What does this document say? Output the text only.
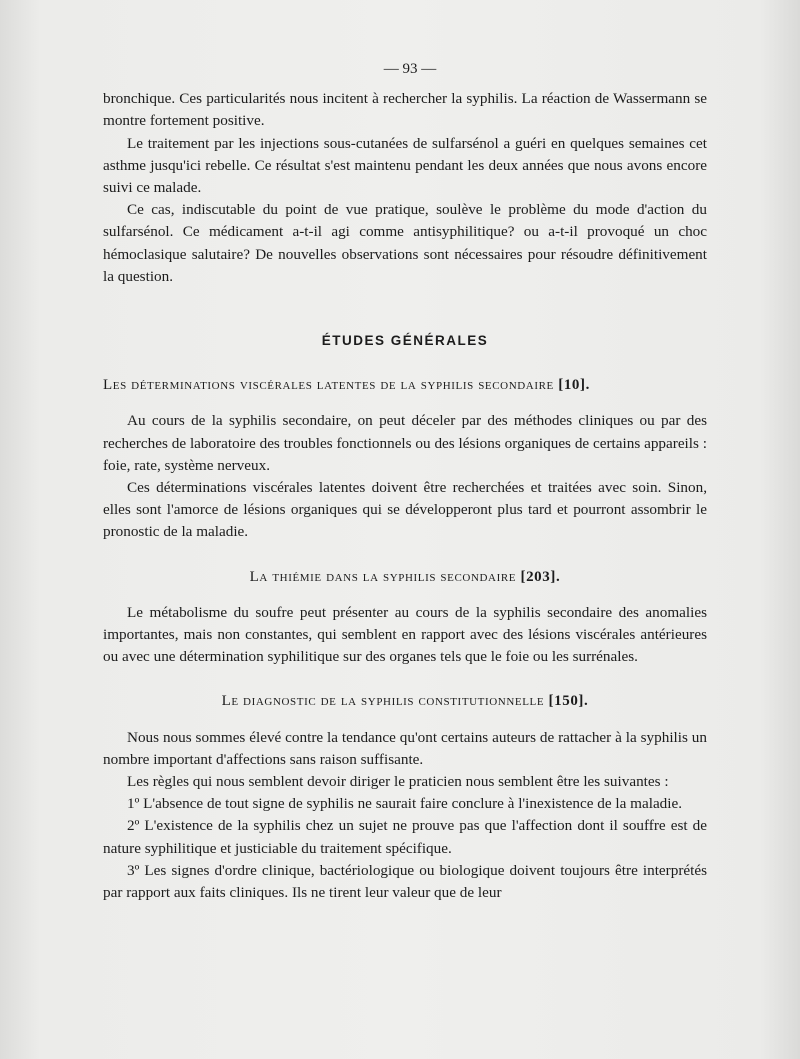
— 93 —

bronchique. Ces particularités nous incitent à rechercher la syphilis. La réaction de Wassermann se montre fortement positive.

Le traitement par les injections sous-cutanées de sulfarsénol a guéri en quelques semaines cet asthme jusqu'ici rebelle. Ce résultat s'est maintenu pendant les deux années que nous avons encore suivi ce malade.

Ce cas, indiscutable du point de vue pratique, soulève le problème du mode d'action du sulfarsénol. Ce médicament a-t-il agi comme antisyphilitique? ou a-t-il provoqué un choc hémoclasique salutaire? De nouvelles observations sont nécessaires pour résoudre définitivement la question.

ÉTUDES GÉNÉRALES
Les déterminations viscérales latentes de la syphilis secondaire [10].

Au cours de la syphilis secondaire, on peut déceler par des méthodes cliniques ou par des recherches de laboratoire des troubles fonctionnels ou des lésions organiques de certains appareils : foie, rate, système nerveux.

Ces déterminations viscérales latentes doivent être recherchées et traitées avec soin. Sinon, elles sont l'amorce de lésions organiques qui se développeront plus tard et pourront assombrir le pronostic de la maladie.

La thiémie dans la syphilis secondaire [203].

Le métabolisme du soufre peut présenter au cours de la syphilis secondaire des anomalies importantes, mais non constantes, qui semblent en rapport avec des lésions viscérales antérieures ou avec une détermination syphilitique sur des organes tels que le foie ou les surrénales.

Le diagnostic de la syphilis constitutionnelle [150].

Nous nous sommes élevé contre la tendance qu'ont certains auteurs de rattacher à la syphilis un nombre important d'affections sans raison suffisante.

Les règles qui nous semblent devoir diriger le praticien nous semblent être les suivantes :

1º L'absence de tout signe de syphilis ne saurait faire conclure à l'inexistence de la maladie.

2º L'existence de la syphilis chez un sujet ne prouve pas que l'affection dont il souffre est de nature syphilitique et justiciable du traitement spécifique.

3º Les signes d'ordre clinique, bactériologique ou biologique doivent toujours être interprétés par rapport aux faits cliniques. Ils ne tirent leur valeur que de leur
